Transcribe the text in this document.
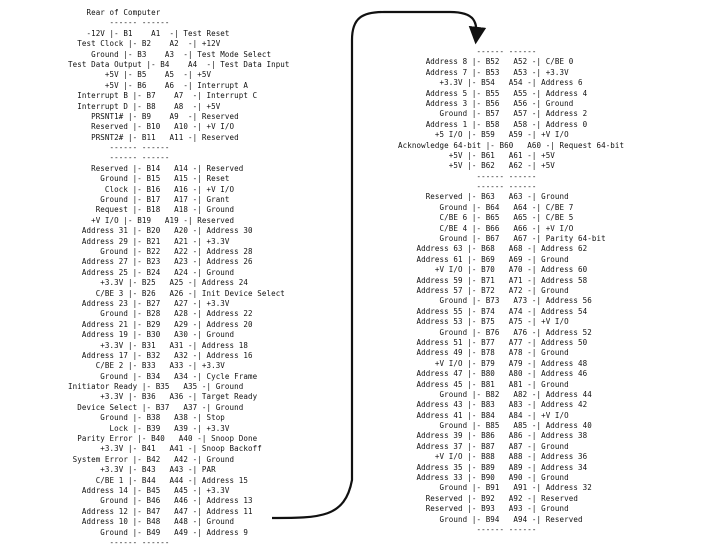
Rear of Computer
------ ------
-12V |- B1    A1  -| Test Reset
Test Clock |- B2    A2  -| +12V
Ground |- B3    A3  -| Test Mode Select
Test Data Output |- B4    A4  -| Test Data Input
+5V |- B5    A5  -| +5V
+5V |- B6    A6  -| Interrupt A
Interrupt B |- B7    A7  -| Interrupt C
Interrupt D |- B8    A8  -| +5V
PRSNT1# |- B9    A9  -| Reserved
Reserved |- B10   A10 -| +V I/O
PRSNT2# |- B11   A11 -| Reserved
------ ------
------ ------
Reserved |- B14   A14 -| Reserved
Ground |- B15   A15 -| Reset
Clock |- B16   A16 -| +V I/O
Ground |- B17   A17 -| Grant
Request |- B18   A18 -| Ground
+V I/O |- B19   A19 -| Reserved
Address 31 |- B20   A20 -| Address 30
Address 29 |- B21   A21 -| +3.3V
Ground |- B22   A22 -| Address 28
Address 27 |- B23   A23 -| Address 26
Address 25 |- B24   A24 -| Ground
+3.3V |- B25   A25 -| Address 24
C/BE 3 |- B26   A26 -| Init Device Select
Address 23 |- B27   A27 -| +3.3V
Ground |- B28   A28 -| Address 22
Address 21 |- B29   A29 -| Address 20
Address 19 |- B30   A30 -| Ground
+3.3V |- B31   A31 -| Address 18
Address 17 |- B32   A32 -| Address 16
C/BE 2 |- B33   A33 -| +3.3V
Ground |- B34   A34 -| Cycle Frame
Initiator Ready |- B35   A35 -| Ground
+3.3V |- B36   A36 -| Target Ready
Device Select |- B37   A37 -| Ground
Ground |- B38   A38 -| Stop
Lock |- B39   A39 -| +3.3V
Parity Error |- B40   A40 -| Snoop Done
+3.3V |- B41   A41 -| Snoop Backoff
System Error |- B42   A42 -| Ground
+3.3V |- B43   A43 -| PAR
C/BE 1 |- B44   A44 -| Address 15
Address 14 |- B45   A45 -| +3.3V
Ground |- B46   A46 -| Address 13
Address 12 |- B47   A47 -| Address 11
Address 10 |- B48   A48 -| Ground
Ground |- B49   A49 -| Address 9
------ ------
------ ------
Address 8 |- B52   A52 -| C/BE 0
Address 7 |- B53   A53 -| +3.3V
+3.3V |- B54   A54 -| Address 6
Address 5 |- B55   A55 -| Address 4
Address 3 |- B56   A56 -| Ground
Ground |- B57   A57 -| Address 2
Address 1 |- B58   A58 -| Address 0
+5 I/O |- B59   A59 -| +V I/O
Acknowledge 64-bit |- B60   A60 -| Request 64-bit
+5V |- B61   A61 -| +5V
+5V |- B62   A62 -| +5V
------ ------
------ ------
Reserved |- B63   A63 -| Ground
Ground |- B64   A64 -| C/BE 7
C/BE 6 |- B65   A65 -| C/BE 5
C/BE 4 |- B66   A66 -| +V I/O
Ground |- B67   A67 -| Parity 64-bit
Address 63 |- B68   A68 -| Address 62
Address 61 |- B69   A69 -| Ground
+V I/O |- B70   A70 -| Address 60
Address 59 |- B71   A71 -| Address 58
Address 57 |- B72   A72 -| Ground
Ground |- B73   A73 -| Address 56
Address 55 |- B74   A74 -| Address 54
Address 53 |- B75   A75 -| +V I/O
Ground |- B76   A76 -| Address 52
Address 51 |- B77   A77 -| Address 50
Address 49 |- B78   A78 -| Ground
+V I/O |- B79   A79 -| Address 48
Address 47 |- B80   A80 -| Address 46
Address 45 |- B81   A81 -| Ground
Ground |- B82   A82 -| Address 44
Address 43 |- B83   A83 -| Address 42
Address 41 |- B84   A84 -| +V I/O
Ground |- B85   A85 -| Address 40
Address 39 |- B86   A86 -| Address 38
Address 37 |- B87   A87 -| Ground
+V I/O |- B88   A88 -| Address 36
Address 35 |- B89   A89 -| Address 34
Address 33 |- B90   A90 -| Ground
Ground |- B91   A91 -| Address 32
Reserved |- B92   A92 -| Reserved
Reserved |- B93   A93 -| Ground
Ground |- B94   A94 -| Reserved
------ ------
